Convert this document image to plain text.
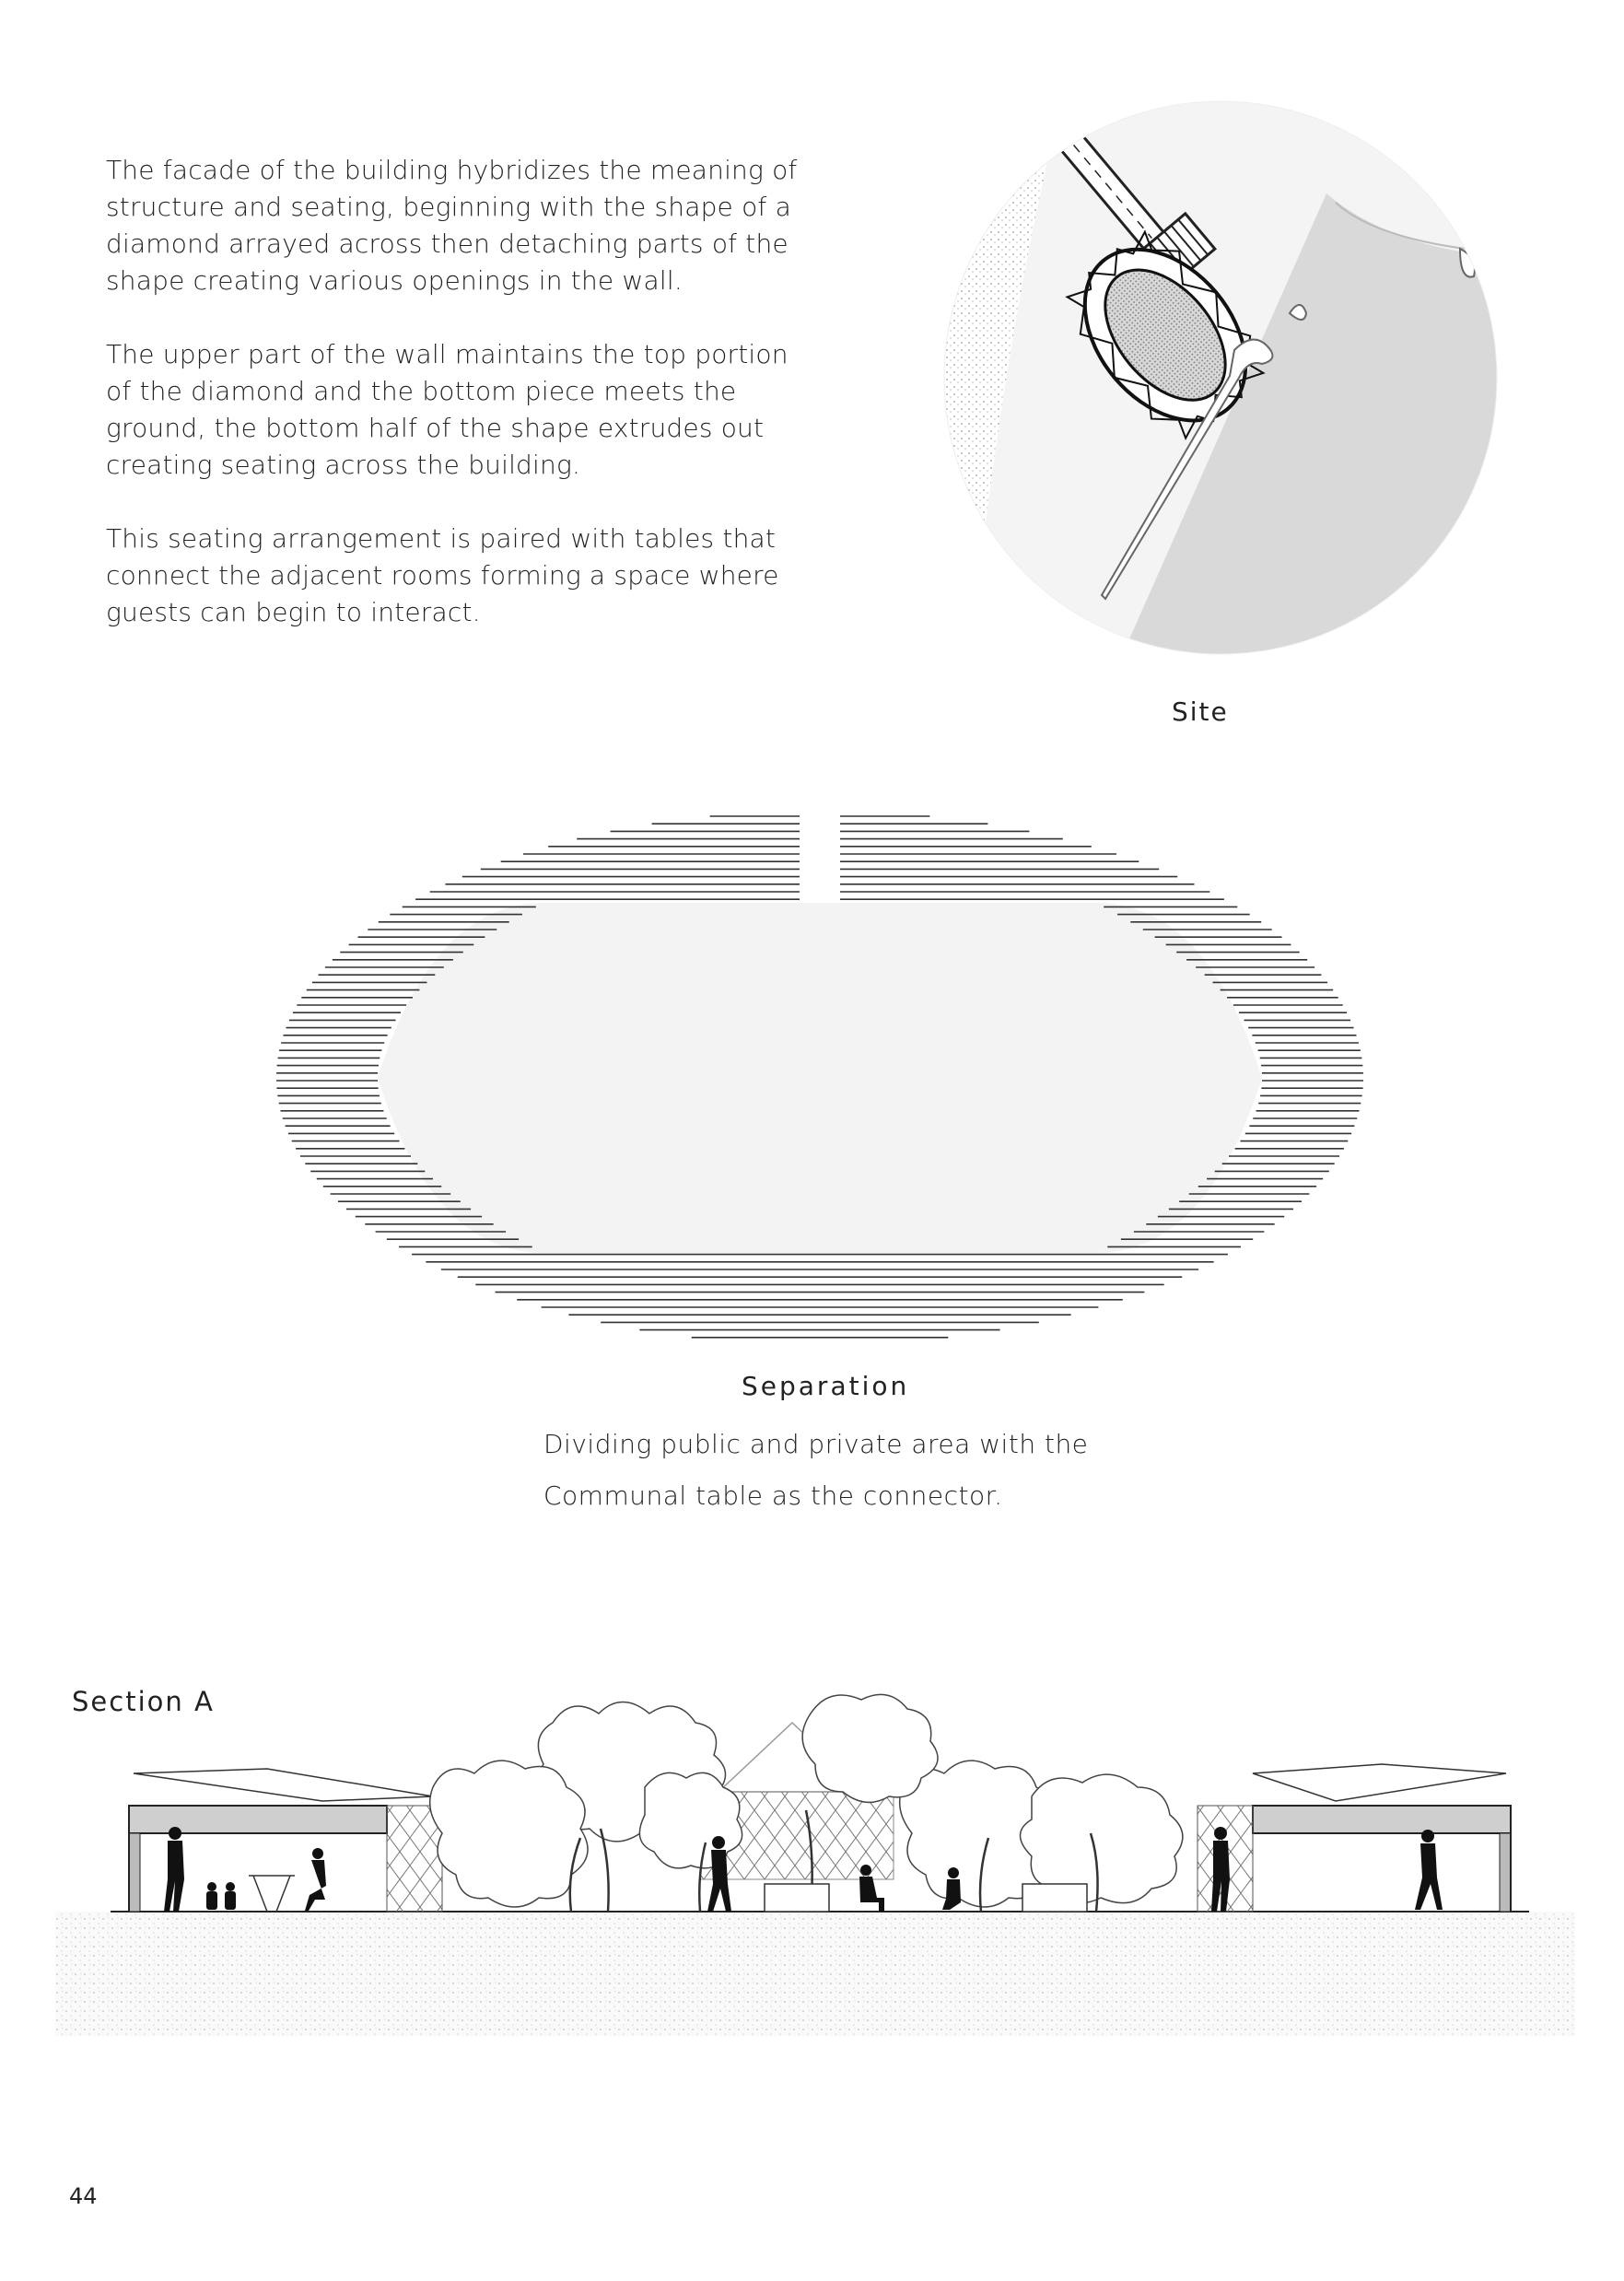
The facade of the building hybridizes the meaning of structure and seating, beginning with the shape of a diamond arrayed across then detaching parts of the shape creating various openings in the wall.

The upper part of the wall maintains the top portion of the diamond and the bottom piece meets the ground, the bottom half of the shape extrudes out creating seating across the building.

This seating arrangement is paired with tables that connect the adjacent rooms forming a space where guests can begin to interact.

Site
Separation
Dividing public and private area with the Communal table as the connector.
Section A
44
